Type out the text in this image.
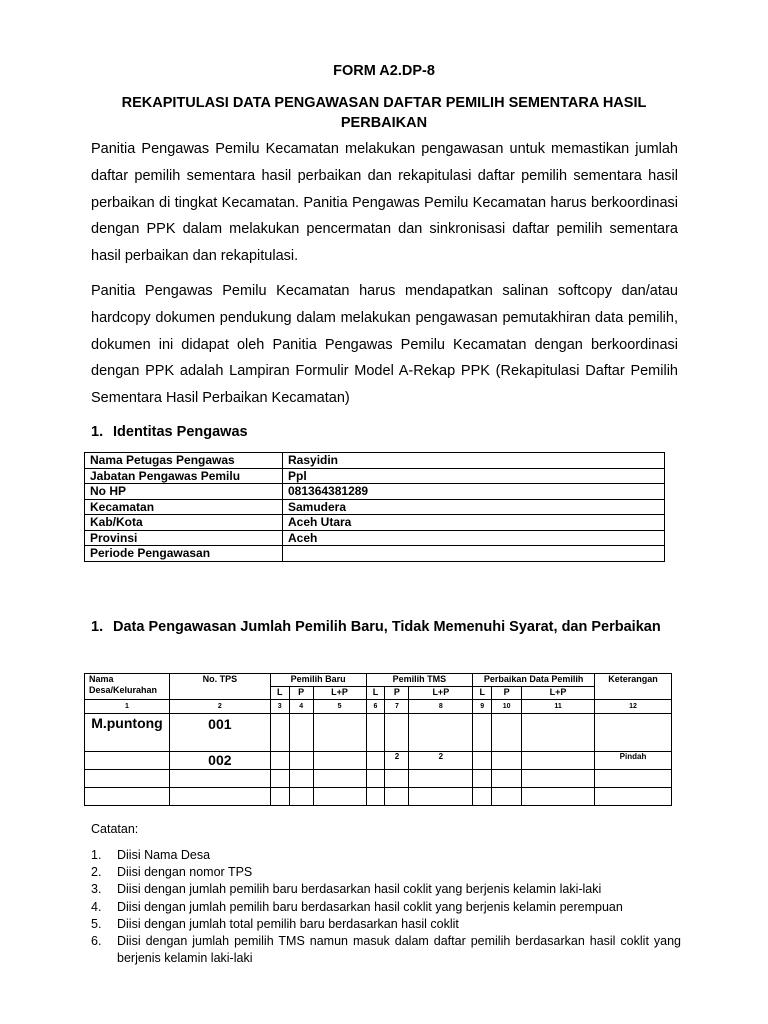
FORM A2.DP-8
REKAPITULASI DATA PENGAWASAN DAFTAR PEMILIH SEMENTARA HASIL PERBAIKAN
Panitia Pengawas Pemilu Kecamatan melakukan pengawasan untuk memastikan jumlah daftar pemilih sementara hasil perbaikan dan rekapitulasi daftar pemilih sementara hasil perbaikan di tingkat Kecamatan. Panitia Pengawas Pemilu Kecamatan harus berkoordinasi dengan PPK dalam melakukan pencermatan dan sinkronisasi daftar pemilih sementara hasil perbaikan dan rekapitulasi.
Panitia Pengawas Pemilu Kecamatan harus mendapatkan salinan softcopy dan/atau hardcopy dokumen pendukung dalam melakukan pengawasan pemutakhiran data pemilih, dokumen ini didapat oleh Panitia Pengawas Pemilu Kecamatan dengan berkoordinasi dengan PPK adalah Lampiran Formulir Model A-Rekap PPK (Rekapitulasi Daftar Pemilih Sementara Hasil Perbaikan Kecamatan)
1. Identitas Pengawas
Nama Petugas Pengawas	Rasyidin
Jabatan Pengawas Pemilu	Ppl
No HP	081364381289
Kecamatan	Samudera
Kab/Kota	Aceh Utara
Provinsi	Aceh
Periode Pengawasan	
1. Data Pengawasan Jumlah Pemilih Baru, Tidak Memenuhi Syarat, dan Perbaikan
Nama Desa/Kelurahan	No. TPS	Pemilih Baru			Pemilih TMS			Perbaikan Data Pemilih			Keterangan
		L	P	L+P	L	P	L+P	L	P	L+P	
1	2	3	4	5	6	7	8	9	10	11	12
M.puntong	001										
	002					2	2				Pindah

Catatan:
1.	Diisi Nama Desa
2.	Diisi dengan nomor TPS
3.	Diisi dengan jumlah pemilih baru berdasarkan hasil coklit yang berjenis kelamin laki-laki
4.	Diisi dengan jumlah pemilih baru berdasarkan hasil coklit yang berjenis kelamin perempuan
5.	Diisi dengan jumlah total pemilih baru berdasarkan hasil coklit
6.	Diisi dengan jumlah pemilih TMS namun masuk dalam daftar pemilih berdasarkan hasil coklit yang berjenis kelamin laki-laki
